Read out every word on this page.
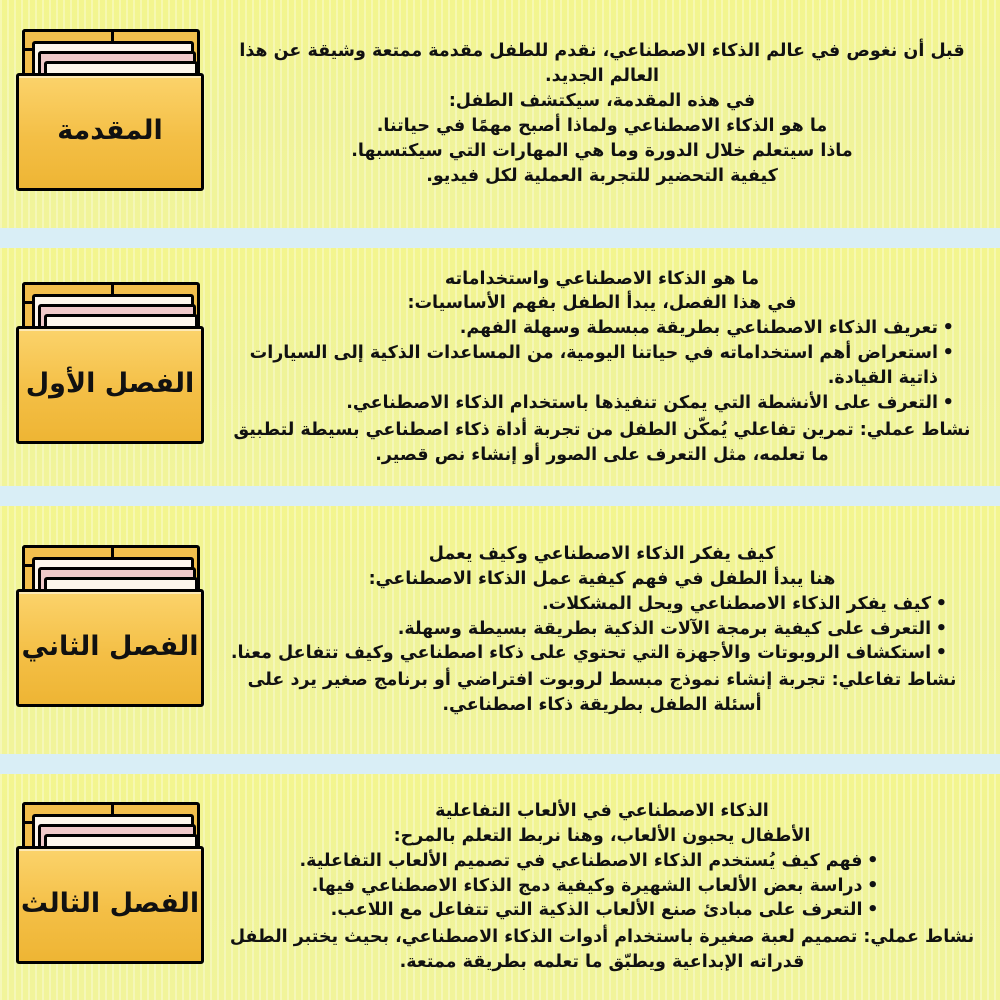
قبل أن نغوص في عالم الذكاء الاصطناعي، نقدم للطفل مقدمة ممتعة وشيقة عن هذا العالم الجديد.
في هذه المقدمة، سيكتشف الطفل:
ما هو الذكاء الاصطناعي ولماذا أصبح مهمًا في حياتنا.
ماذا سيتعلم خلال الدورة وما هي المهارات التي سيكتسبها.
كيفية التحضير للتجربة العملية لكل فيديو.
المقدمة
ما هو الذكاء الاصطناعي واستخداماته
في هذا الفصل، يبدأ الطفل بفهم الأساسيات:
• تعريف الذكاء الاصطناعي بطريقة مبسطة وسهلة الفهم.
• استعراض أهم استخداماته في حياتنا اليومية، من المساعدات الذكية إلى السيارات ذاتية القيادة.
• التعرف على الأنشطة التي يمكن تنفيذها باستخدام الذكاء الاصطناعي.
نشاط عملي: تمرين تفاعلي يُمكّن الطفل من تجربة أداة ذكاء اصطناعي بسيطة لتطبيق ما تعلمه، مثل التعرف على الصور أو إنشاء نص قصير.
الفصل الأول
كيف يفكر الذكاء الاصطناعي وكيف يعمل
هنا يبدأ الطفل في فهم كيفية عمل الذكاء الاصطناعي:
• كيف يفكر الذكاء الاصطناعي ويحل المشكلات.
• التعرف على كيفية برمجة الآلات الذكية بطريقة بسيطة وسهلة.
• استكشاف الروبوتات والأجهزة التي تحتوي على ذكاء اصطناعي وكيف تتفاعل معنا.
نشاط تفاعلي: تجربة إنشاء نموذج مبسط لروبوت افتراضي أو برنامج صغير يرد على أسئلة الطفل بطريقة ذكاء اصطناعي.
الفصل الثاني
الذكاء الاصطناعي في الألعاب التفاعلية
الأطفال يحبون الألعاب، وهنا نربط التعلم بالمرح:
• فهم كيف يُستخدم الذكاء الاصطناعي في تصميم الألعاب التفاعلية.
• دراسة بعض الألعاب الشهيرة وكيفية دمج الذكاء الاصطناعي فيها.
• التعرف على مبادئ صنع الألعاب الذكية التي تتفاعل مع اللاعب.
نشاط عملي: تصميم لعبة صغيرة باستخدام أدوات الذكاء الاصطناعي، بحيث يختبر الطفل قدراته الإبداعية ويطبّق ما تعلمه بطريقة ممتعة.
الفصل الثالث
